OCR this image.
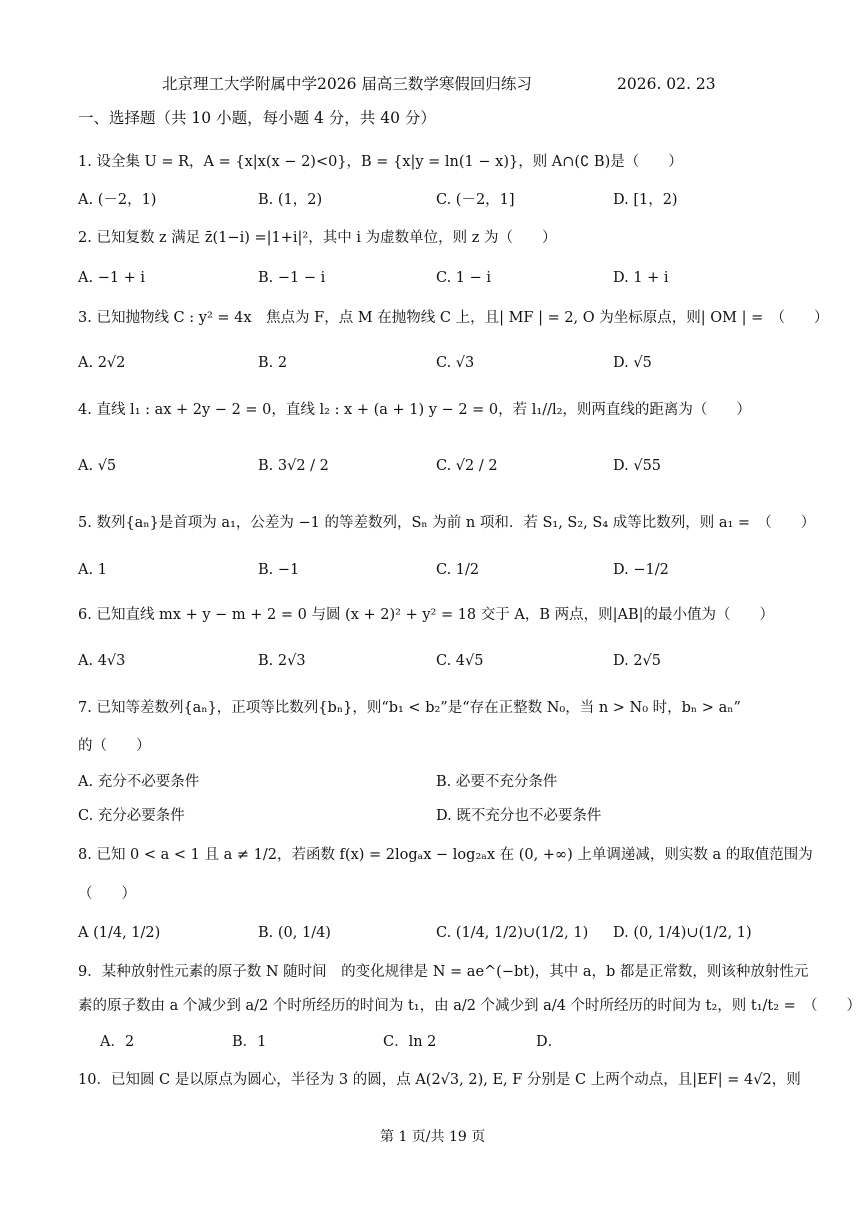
北京理工大学附属中学2026 届高三数学寒假回归练习	2026. 02. 23
一、选择题（共 10 小题，每小题 4 分，共 40 分）
1. 设全集 U = R，A = {x|x(x − 2)<0}，B = {x|y = ln(1 − x)}，则 A∩(∁ B)是（　　）
A. (－2，1)	B. (1，2)	C. (－2，1]	D. [1，2)
2. 已知复数 z 满足 z̄(1−i) =|1+i|²，其中 i 为虚数单位，则 z 为（　　）
A. −1 + i	B. −1 − i	C. 1 − i	D. 1 + i
3. 已知抛物线 C : y² = 4x　焦点为 F，点 M 在抛物线 C 上，且| MF | = 2, O 为坐标原点，则| OM | =　（　　）
A. 2√2	B. 2	C. √3	D. √5
4. 直线 l₁ : ax + 2y − 2 = 0，直线 l₂ : x + (a + 1) y − 2 = 0，若 l₁//l₂，则两直线的距离为（　　）
A. √5	B. 3√2 / 2	C. √2 / 2	D. √55
5. 数列{aₙ}是首项为 a₁，公差为 −1 的等差数列，Sₙ 为前 n 项和．若 S₁, S₂, S₄ 成等比数列，则 a₁ =　（　　）
A. 1	B. −1	C. 1/2	D. −1/2
6. 已知直线 mx + y − m + 2 = 0 与圆 (x + 2)² + y² = 18 交于 A，B 两点，则|AB|的最小值为（　　）
A. 4√3	B. 2√3	C. 4√5	D. 2√5
7. 已知等差数列{aₙ}，正项等比数列{bₙ}，则“b₁ < b₂”是“存在正整数 N₀，当 n > N₀ 时，bₙ > aₙ”
的（　　）
A. 充分不必要条件	B. 必要不充分条件
C. 充分必要条件	D. 既不充分也不必要条件
8. 已知 0 < a < 1 且 a ≠ 1/2，若函数 f(x) = 2logₐx − log₂ₐx 在 (0, +∞) 上单调递减，则实数 a 的取值范围为
（　　）
A (1/4, 1/2)	B. (0, 1/4)	C. (1/4, 1/2)∪(1/2, 1) D. (0, 1/4)∪(1/2, 1)
9．某种放射性元素的原子数 N 随时间　的变化规律是 N = ae^(−bt)，其中 a，b 都是正常数，则该种放射性元
素的原子数由 a 个减少到 a/2 个时所经历的时间为 t₁，由 a/2 个减少到 a/4 个时所经历的时间为 t₂，则 t₁/t₂ =　（　　）
A．2	B．1	C．ln 2	D．
10．已知圆 C 是以原点为圆心，半径为 3 的圆，点 A(2√3, 2), E, F 分别是 C 上两个动点，且|EF| = 4√2，则
第 1 页/共 19 页
